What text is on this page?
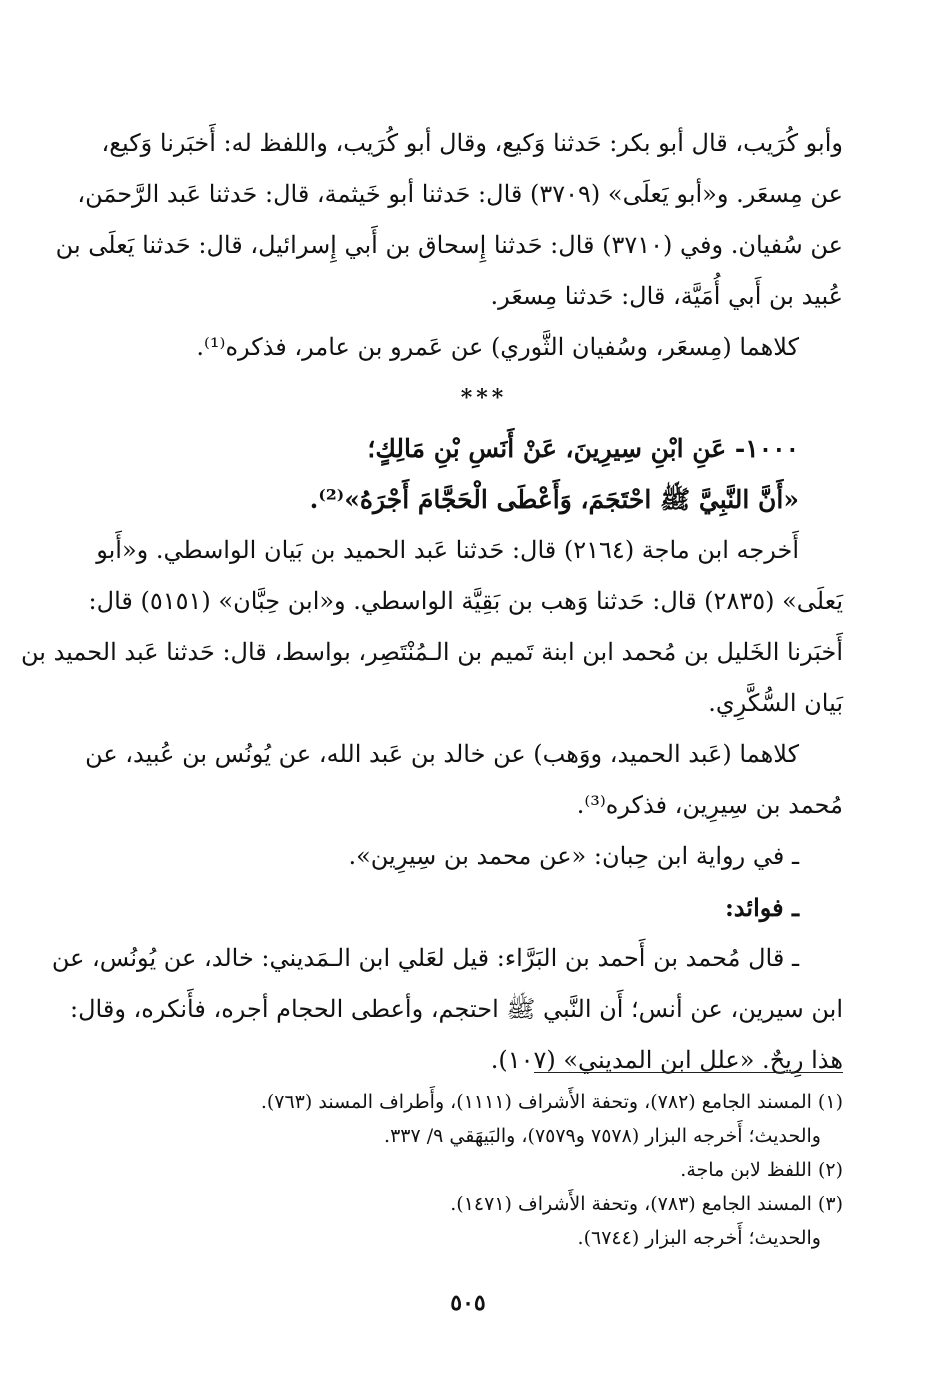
وأبو كُرَيب، قال أبو بكر: حَدثنا وَكيع، وقال أبو كُرَيب، واللفظ له: أَخبَرنا وَكيع،
عن مِسعَر. و«أبو يَعلَى» (٣٧٠٩) قال: حَدثنا أبو خَيثمة، قال: حَدثنا عَبد الرَّحمَن،
عن سُفيان. وفي (٣٧١٠) قال: حَدثنا إِسحاق بن أَبي إِسرائيل، قال: حَدثنا يَعلَى بن
عُبيد بن أَبي أُمَيَّة، قال: حَدثنا مِسعَر.
كلاهما (مِسعَر، وسُفيان الثَّوري) عن عَمرو بن عامر، فذكره⁽¹⁾.
***
١٠٠٠- عَنِ ابْنِ سِيرِينَ، عَنْ أَنَسِ بْنِ مَالِكٍ؛
«أَنَّ النَّبِيَّ ﷺ احْتَجَمَ، وَأَعْطَى الْحَجَّامَ أَجْرَهُ»⁽²⁾.
أَخرجه ابن ماجة (٢١٦٤) قال: حَدثنا عَبد الحميد بن بَيان الواسطي. و«أَبو
يَعلَى» (٢٨٣٥) قال: حَدثنا وَهب بن بَقِيَّة الواسطي. و«ابن حِبَّان» (٥١٥١) قال:
أَخبَرنا الخَليل بن مُحمد ابن ابنة تَميم بن الـمُنْتَصِر، بواسط، قال: حَدثنا عَبد الحميد بن
بَيان السُّكَّرِي.
كلاهما (عَبد الحميد، ووَهب) عن خالد بن عَبد الله، عن يُونُس بن عُبيد، عن
مُحمد بن سِيرِين، فذكره⁽³⁾.
ـ في رواية ابن حِبان: «عن محمد بن سِيرِين».
ـ فوائد:
ـ قال مُحمد بن أَحمد بن البَرَّاء: قيل لعَلي ابن الـمَديني: خالد، عن يُونُس، عن
ابن سيرين، عن أنس؛ أَن النَّبي ﷺ احتجم، وأعطى الحجام أجره، فأَنكره، وقال:
هذا رِيحٌ. «علل ابن المديني» (١٠٧).
(١) المسند الجامع (٧٨٢)، وتحفة الأَشراف (١١١١)، وأَطراف المسند (٧٦٣).
والحديث؛ أَخرجه البزار (٧٥٧٨ و٧٥٧٩)، والبَيهَقي ٩/ ٣٣٧.
(٢) اللفظ لابن ماجة.
(٣) المسند الجامع (٧٨٣)، وتحفة الأَشراف (١٤٧١).
والحديث؛ أَخرجه البزار (٦٧٤٤).
٥٠٥
